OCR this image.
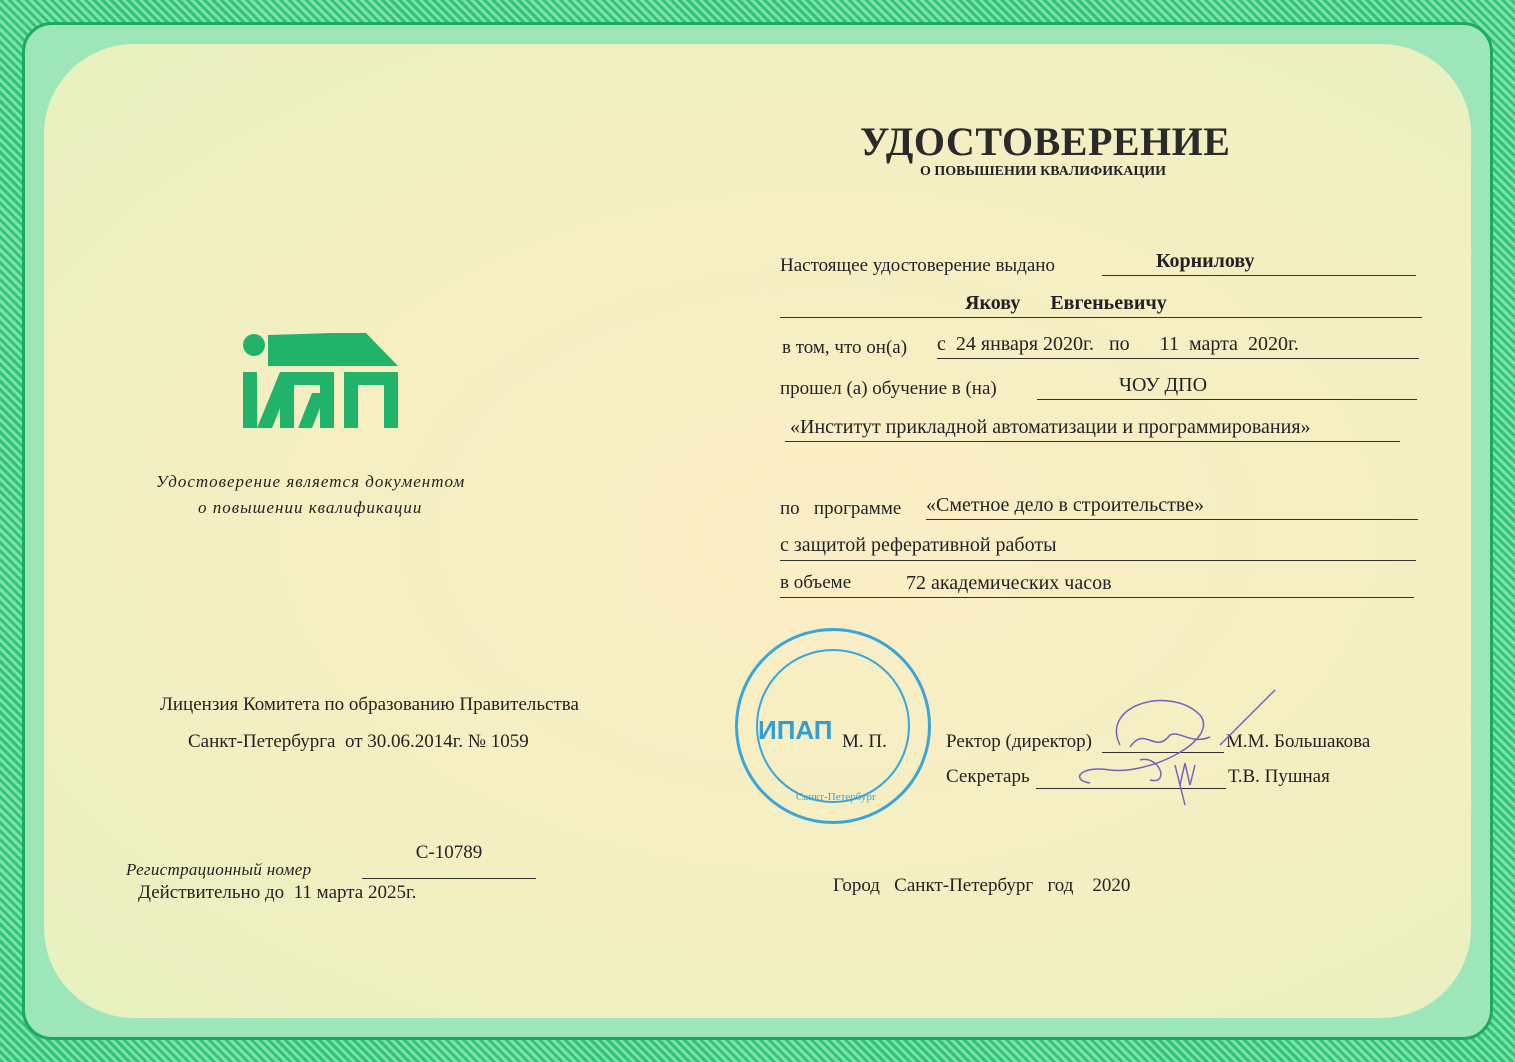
Удостоверение является документом
о повышении квалификации
Лицензия Комитета по образованию Правительства
Санкт-Петербурга  от 30.06.2014г. № 1059
Регистрационный номер
С-10789
Действительно до  11 марта 2025г.
УДОСТОВЕРЕНИЕ
О ПОВЫШЕНИИ КВАЛИФИКАЦИИ
Настоящее удостоверение выдано	Корнилову
Якову      Евгеньевичу
в том, что он(а) с  24 января 2020г.   по      11  марта  2020г.
прошел (а) обучение в (на)	ЧОУ ДПО
«Институт прикладной автоматизации и программирования»
по   программе «Сметное дело в строительстве»
с защитой реферативной работы
в объеме	72 академических часов
ИПАП
Санкт-Петербург
М. П.	Ректор (директор)	М.М. Большакова
Секретарь	Т.В. Пушная
Город   Санкт-Петербург   год    2020
